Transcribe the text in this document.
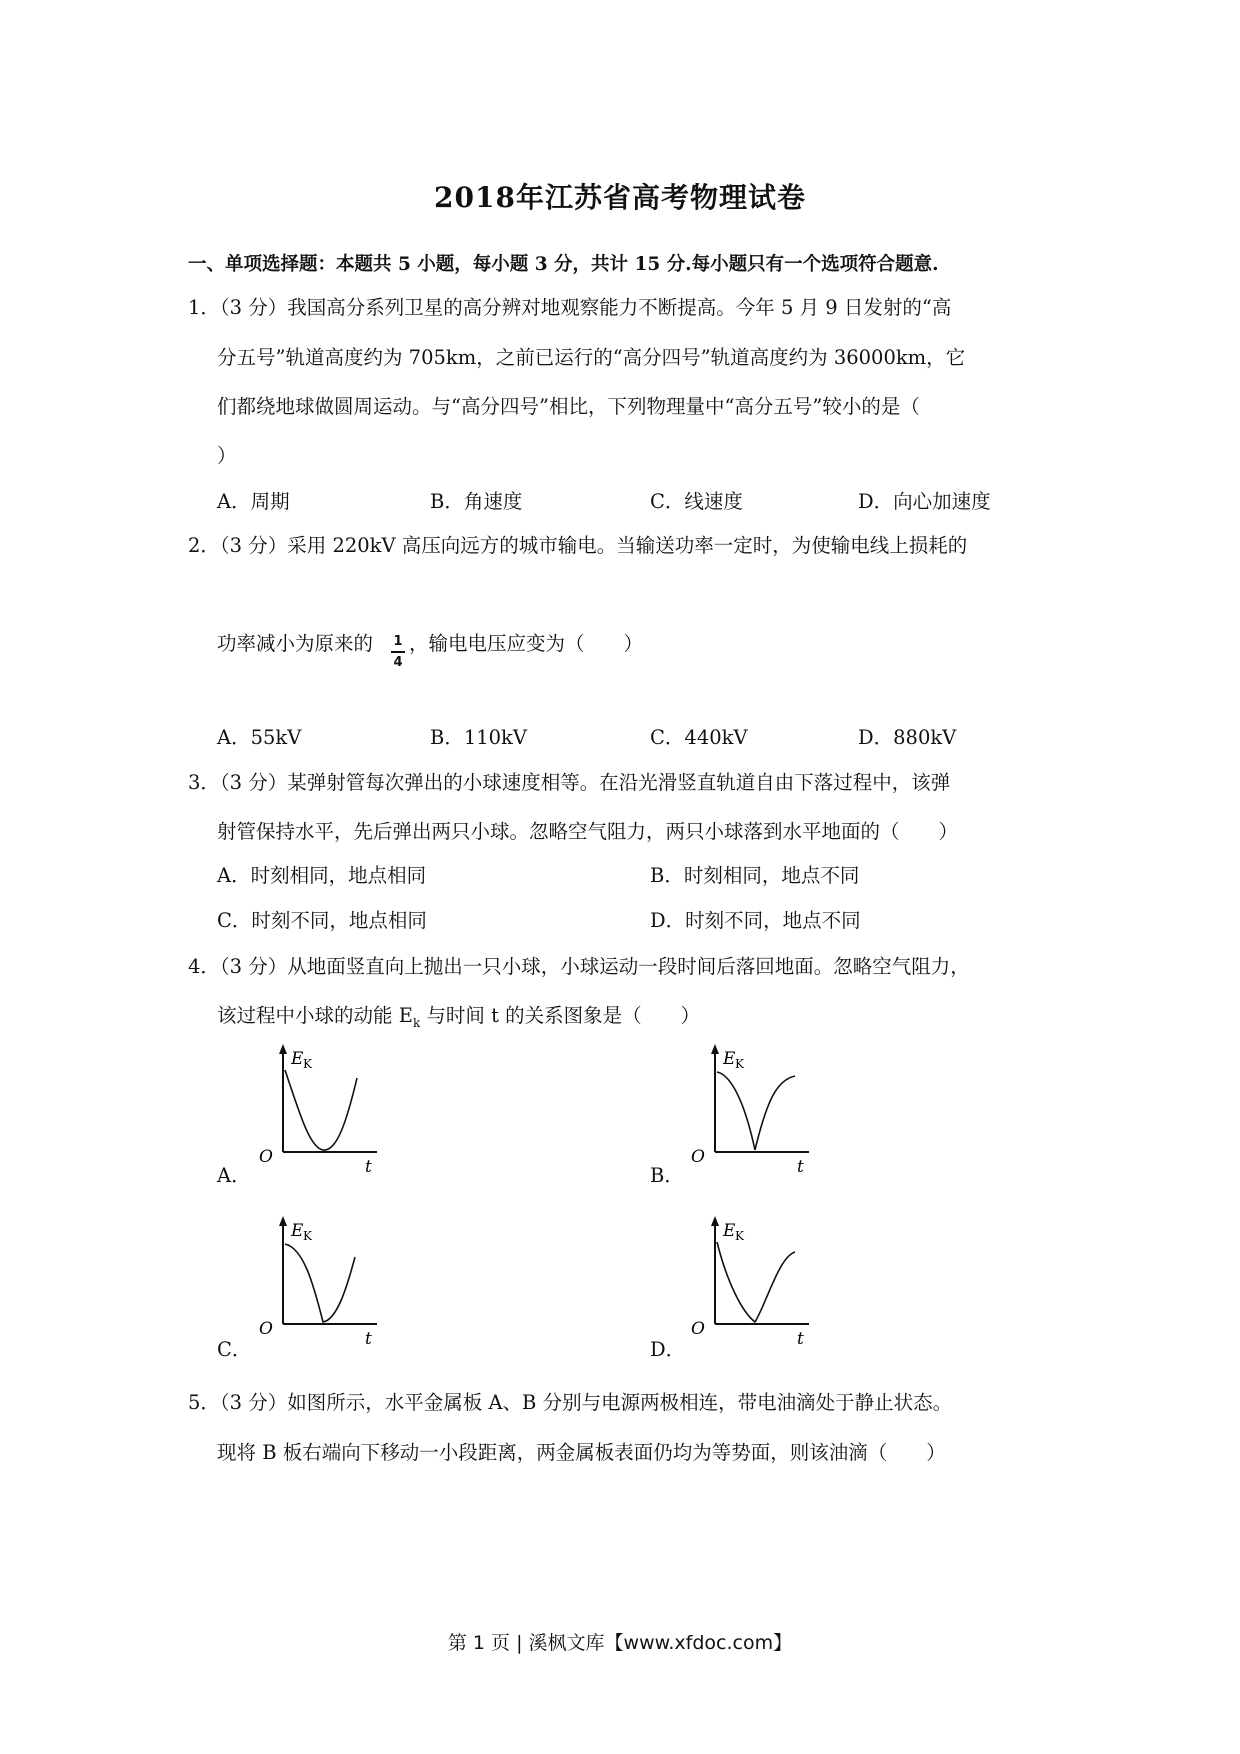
2018年江苏省高考物理试卷
一、单项选择题：本题共 5 小题，每小题 3 分，共计 15 分.每小题只有一个选项符合题意.
1．（3 分）我国高分系列卫星的高分辨对地观察能力不断提高。今年 5 月 9 日发射的“高
分五号”轨道高度约为 705km，之前已运行的“高分四号”轨道高度约为 36000km，它
们都绕地球做圆周运动。与“高分四号”相比，下列物理量中“高分五号”较小的是（
）
A．周期	B．角速度	C．线速度	D．向心加速度
2．（3 分）采用 220kV 高压向远方的城市输电。当输送功率一定时，为使输电线上损耗的
功率减小为原来的 1
4
，输电电压应变为（　　）
A．55kV	B．110kV	C．440kV	D．880kV
3．（3 分）某弹射管每次弹出的小球速度相等。在沿光滑竖直轨道自由下落过程中，该弹
射管保持水平，先后弹出两只小球。忽略空气阻力，两只小球落到水平地面的（　　）
A．时刻相同，地点相同	B．时刻相同，地点不同
C．时刻不同，地点相同	D．时刻不同，地点不同
4．（3 分）从地面竖直向上抛出一只小球，小球运动一段时间后落回地面。忽略空气阻力，
该过程中小球的动能 $E_k$ 与时间 t 的关系图象是（　　）
A．	B．
C．	D．
E K
O	t
E K
O	t
E K
O	t
E K
O	t
5．（3 分）如图所示，水平金属板 A、B 分别与电源两极相连，带电油滴处于静止状态。
现将 B 板右端向下移动一小段距离，两金属板表面仍均为等势面，则该油滴（　　）
第 1 页 | 溪枫文库【www.xfdoc.com】
